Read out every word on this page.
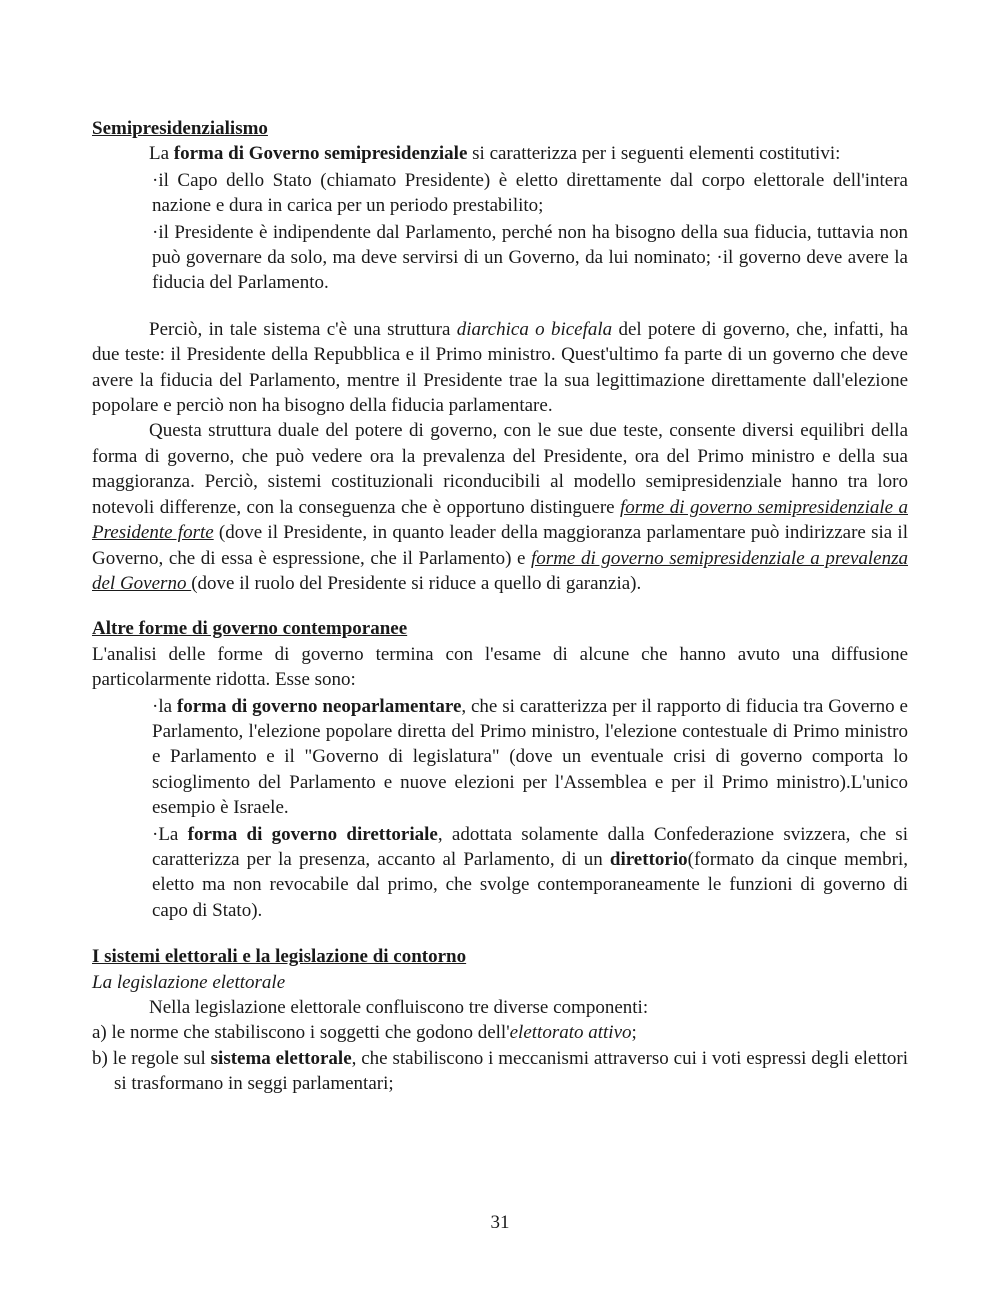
Semipresidenzialismo

La forma di Governo semipresidenziale si caratterizza per i seguenti elementi costitutivi:

·il Capo dello Stato (chiamato Presidente) è eletto direttamente dal corpo elettorale dell'intera nazione e dura in carica per un periodo prestabilito;

·il Presidente è indipendente dal Parlamento, perché non ha bisogno della sua fiducia, tuttavia non può governare da solo, ma deve servirsi di un Governo, da lui nominato; ·il governo deve avere la fiducia del Parlamento.

Perciò, in tale sistema c'è una struttura diarchica o bicefala del potere di governo, che, infatti, ha due teste: il Presidente della Repubblica e il Primo ministro. Quest'ultimo fa parte di un governo che deve avere la fiducia del Parlamento, mentre il Presidente trae la sua legittimazione direttamente dall'elezione popolare e perciò non ha bisogno della fiducia parlamentare.

Questa struttura duale del potere di governo, con le sue due teste, consente diversi equilibri della forma di governo, che può vedere ora la prevalenza del Presidente, ora del Primo ministro e della sua maggioranza. Perciò, sistemi costituzionali riconducibili al modello semipresidenziale hanno tra loro notevoli differenze, con la conseguenza che è opportuno distinguere forme di governo semipresidenziale a Presidente forte (dove il Presidente, in quanto leader della maggioranza parlamentare può indirizzare sia il Governo, che di essa è espressione, che il Parlamento) e forme di governo semipresidenziale a prevalenza del Governo (dove il ruolo del Presidente si riduce a quello di garanzia).

Altre forme di governo contemporanee

L'analisi delle forme di governo termina con l'esame di alcune che hanno avuto una diffusione particolarmente ridotta. Esse sono:

·la forma di governo neoparlamentare, che si caratterizza per il rapporto di fiducia tra Governo e Parlamento, l'elezione popolare diretta del Primo ministro, l'elezione contestuale di Primo ministro e Parlamento e il "Governo di legislatura" (dove un eventuale crisi di governo comporta lo scioglimento del Parlamento e nuove elezioni per l'Assemblea e per il Primo ministro).L'unico esempio è Israele.

·La forma di governo direttoriale, adottata solamente dalla Confederazione svizzera, che si caratterizza per la presenza, accanto al Parlamento, di un direttorio(formato da cinque membri, eletto ma non revocabile dal primo, che svolge contemporaneamente le funzioni di governo di capo di Stato).

I sistemi elettorali e la legislazione di contorno

La legislazione elettorale

Nella legislazione elettorale confluiscono tre diverse componenti:

a) le norme che stabiliscono i soggetti che godono dell'elettorato attivo;

b) le regole sul sistema elettorale, che stabiliscono i meccanismi attraverso cui i voti espressi degli elettori si trasformano in seggi parlamentari;

31
